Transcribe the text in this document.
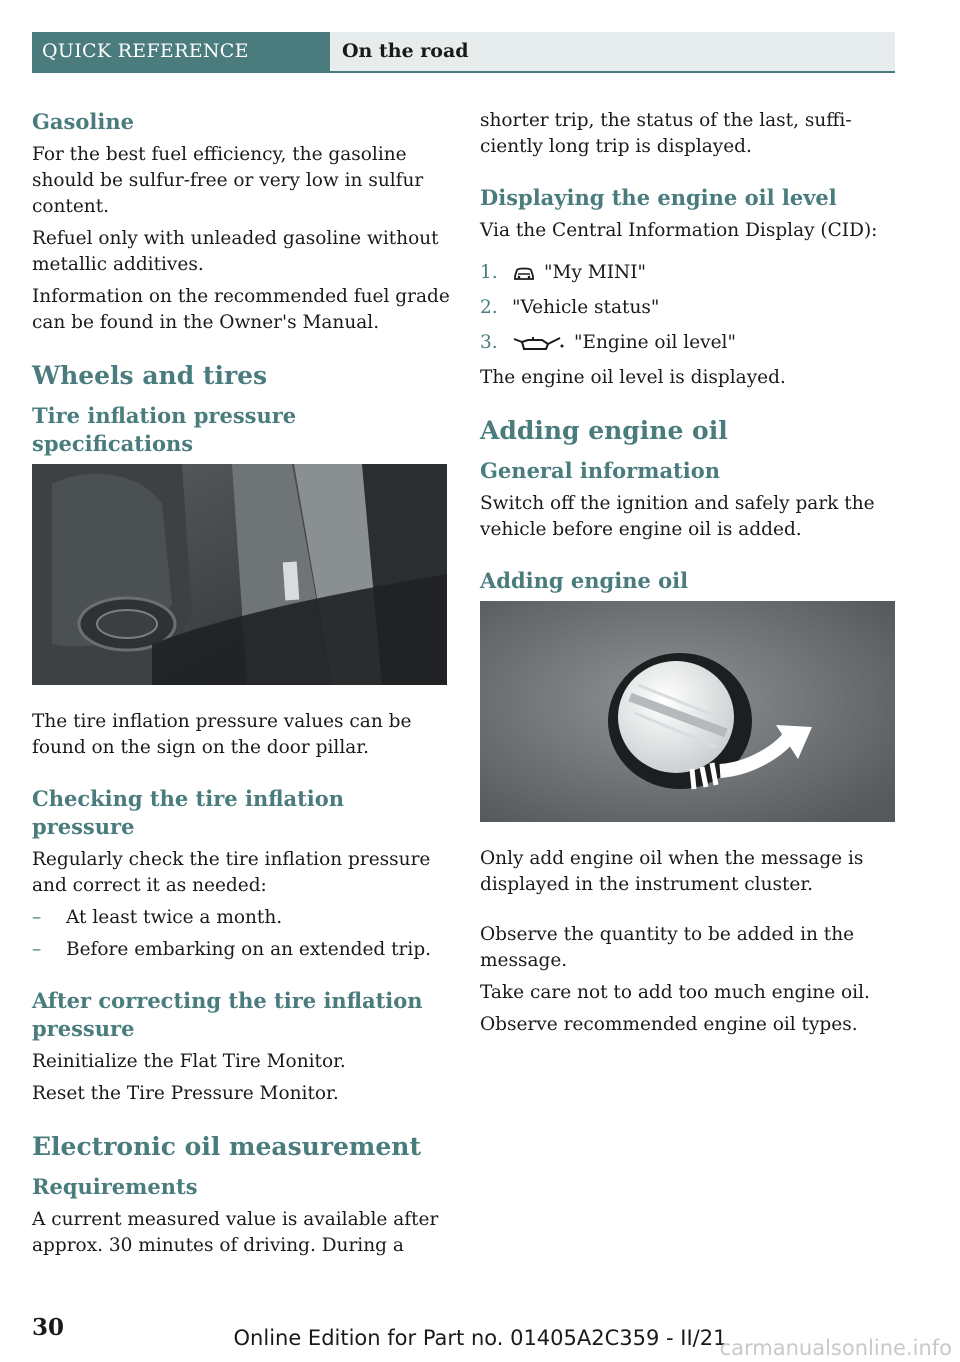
QUICK REFERENCE	On the road
Gasoline
For the best fuel efficiency, the gasoline should be sulfur-free or very low in sulfur content.
Refuel only with unleaded gasoline without metallic additives.
Information on the recommended fuel grade can be found in the Owner's Manual.
Wheels and tires
Tire inflation pressure specifications
The tire inflation pressure values can be found on the sign on the door pillar.
Checking the tire inflation pressure
Regularly check the tire inflation pressure and correct it as needed:
– At least twice a month.
– Before embarking on an extended trip.
After correcting the tire inflation pressure
Reinitialize the Flat Tire Monitor.
Reset the Tire Pressure Monitor.
Electronic oil measurement
Requirements
A current measured value is available after approx. 30 minutes of driving. During a
shorter trip, the status of the last, sufficiently long trip is displayed.
Displaying the engine oil level
Via the Central Information Display (CID):
1.	"My MINI"
2. "Vehicle status"
3.	"Engine oil level"
The engine oil level is displayed.
Adding engine oil
General information
Switch off the ignition and safely park the vehicle before engine oil is added.
Adding engine oil
Only add engine oil when the message is displayed in the instrument cluster.
Observe the quantity to be added in the message.
Take care not to add too much engine oil.
Observe recommended engine oil types.
30	Online Edition for Part no. 01405A2C359 - II/21
carmanualsonline.info
